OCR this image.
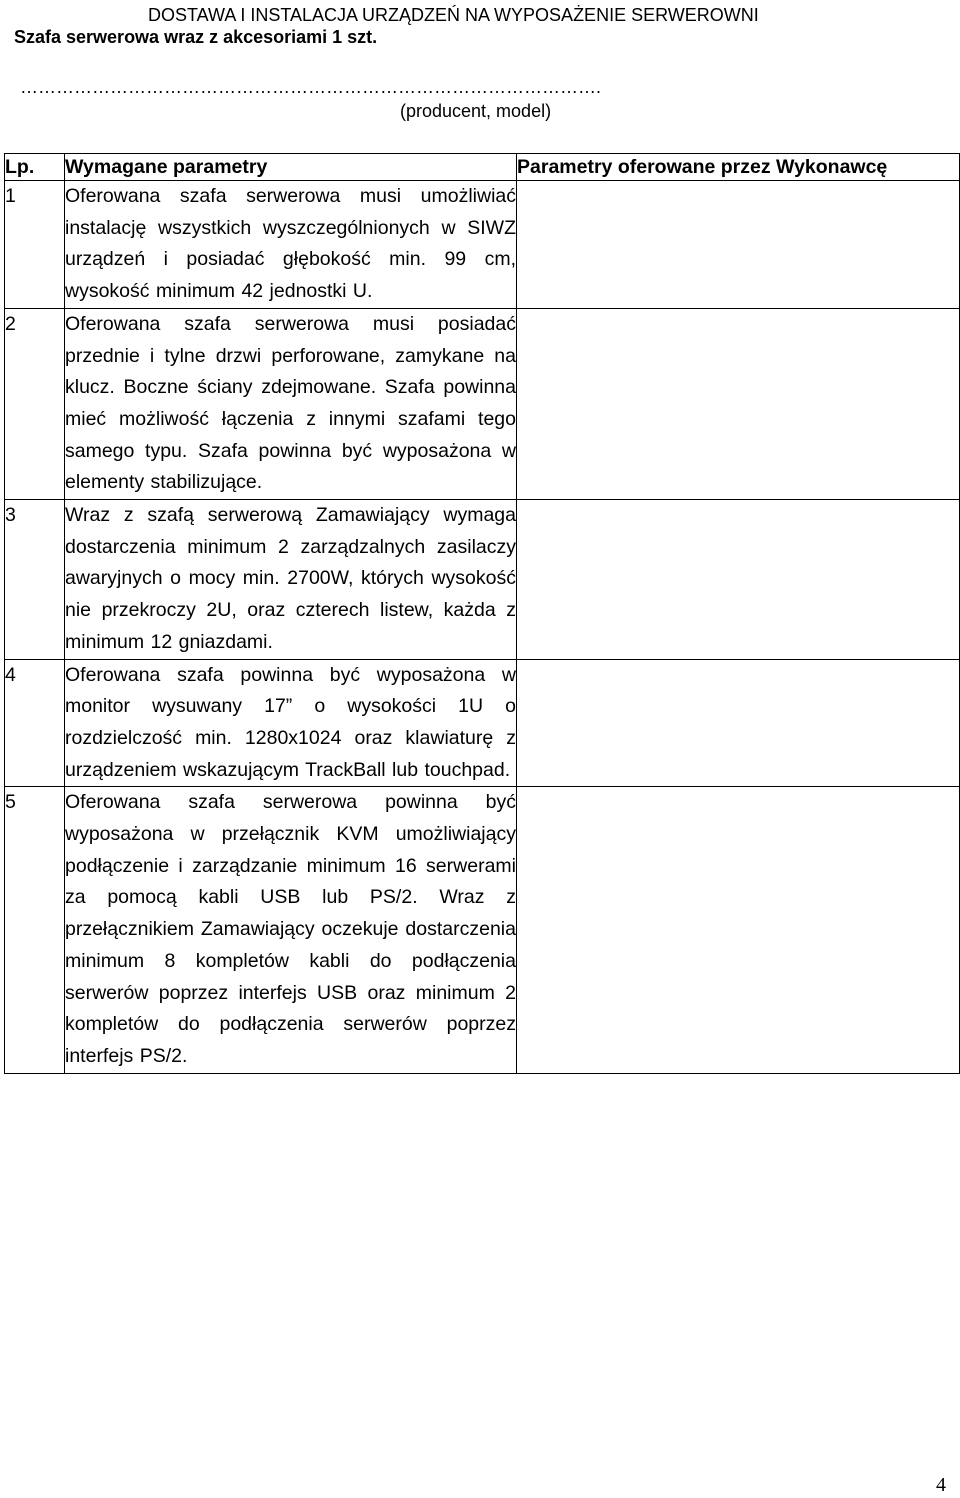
DOSTAWA I INSTALACJA URZĄDZEŃ NA WYPOSAŻENIE SERWEROWNI
Szafa serwerowa wraz z akcesoriami 1 szt.
…………………………………………………………………………………….
(producent, model)
Lp.	Wymagane parametry	Parametry oferowane przez Wykonawcę
1	Oferowana szafa serwerowa musi umożliwiać instalację wszystkich wyszczególnionych w SIWZ urządzeń i posiadać głębokość min. 99 cm, wysokość minimum 42 jednostki U.	
2	Oferowana szafa serwerowa musi posiadać przednie i tylne drzwi perforowane, zamykane na klucz. Boczne ściany zdejmowane. Szafa powinna mieć możliwość łączenia z innymi szafami tego samego typu. Szafa powinna być wyposażona w elementy stabilizujące.	
3	Wraz z szafą serwerową Zamawiający wymaga dostarczenia minimum 2 zarządzalnych zasilaczy awaryjnych o mocy min. 2700W, których wysokość nie przekroczy 2U, oraz czterech listew, każda z minimum 12 gniazdami.	
4	Oferowana szafa powinna być wyposażona w monitor wysuwany 17” o wysokości 1U o rozdzielczość min. 1280x1024 oraz klawiaturę z urządzeniem wskazującym TrackBall lub touchpad.	
5	Oferowana szafa serwerowa powinna być wyposażona w przełącznik KVM umożliwiający podłączenie i zarządzanie minimum 16 serwerami za pomocą kabli USB lub PS/2. Wraz z przełącznikiem Zamawiający oczekuje dostarczenia minimum 8 kompletów kabli do podłączenia serwerów poprzez interfejs USB oraz minimum 2 kompletów do podłączenia serwerów poprzez interfejs PS/2.	
4
